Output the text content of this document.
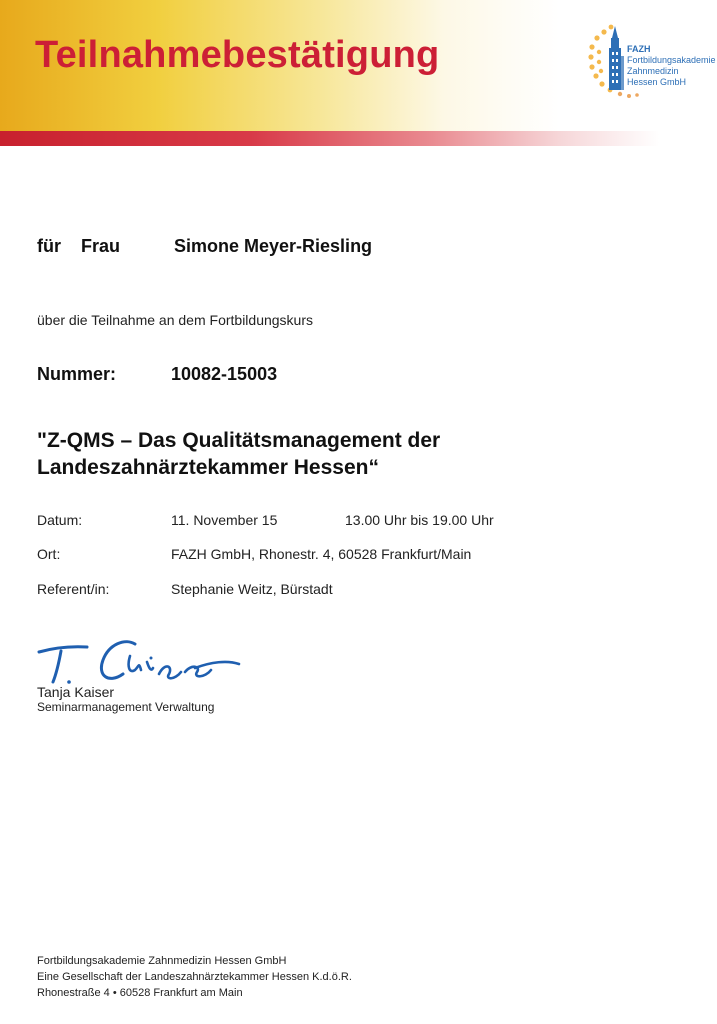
Teilnahmebestätigung	FAZH
Fortbildungsakademie
Zahnmedizin
Hessen GmbH
für Frau	Simone Meyer-Riesling
über die Teilnahme an dem Fortbildungskurs
Nummer:	10082-15003
"Z-QMS – Das Qualitätsmanagement der Landeszahnärztekammer Hessen“
Datum:	11. November 15	13.00 Uhr bis 19.00 Uhr
Ort:	FAZH GmbH, Rhonestr. 4, 60528 Frankfurt/Main
Referent/in:	Stephanie Weitz, Bürstadt
Tanja Kaiser
Seminarmanagement Verwaltung
Fortbildungsakademie Zahnmedizin Hessen GmbH
Eine Gesellschaft der Landeszahnärztekammer Hessen K.d.ö.R.
Rhonestraße 4 • 60528 Frankfurt am Main
